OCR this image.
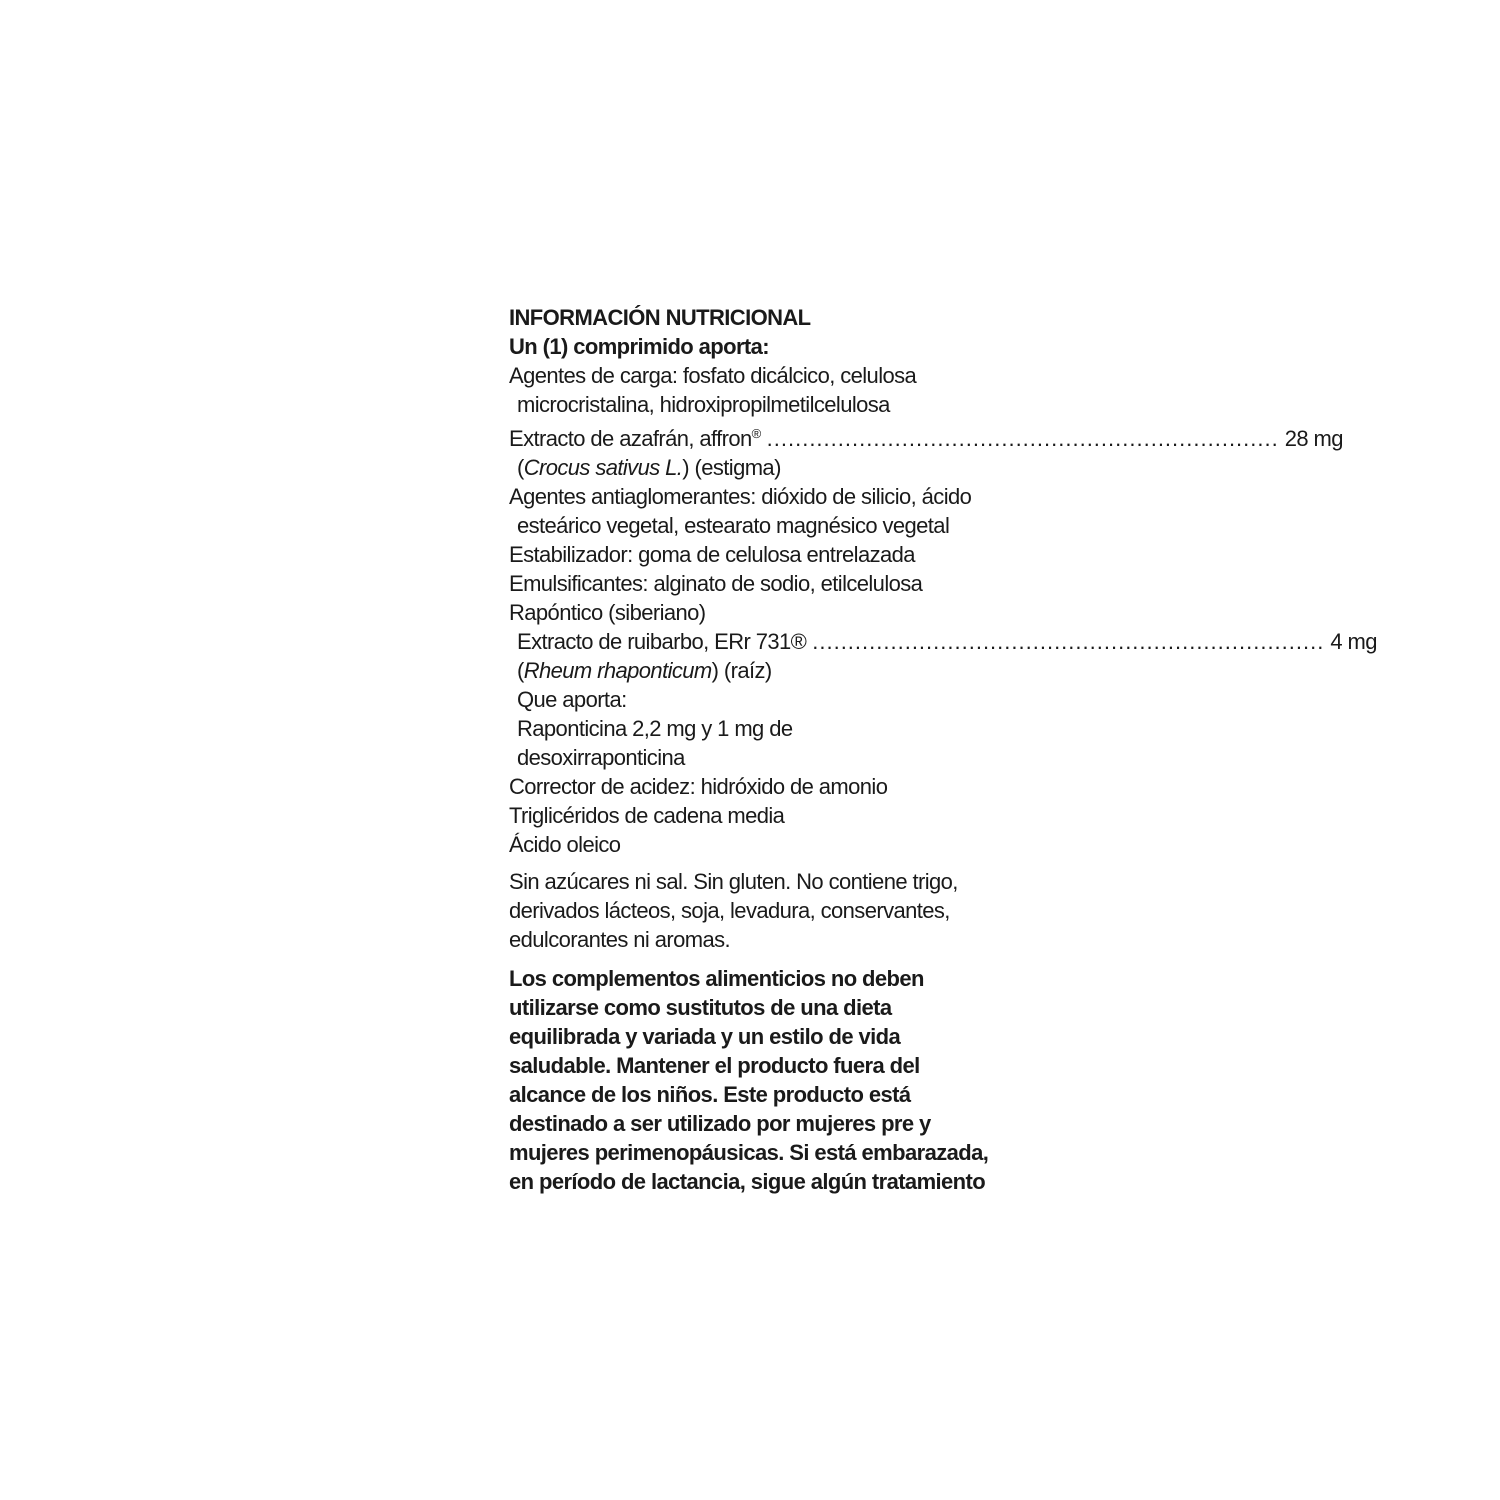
INFORMACIÓN NUTRICIONAL
Un (1) comprimido aporta:
Agentes de carga: fosfato dicálcico, celulosa
microcristalina, hidroxipropilmetilcelulosa
Extracto de azafrán, affron® ........................................................................ 28 mg
(Crocus sativus L.) (estigma)
Agentes antiaglomerantes: dióxido de silicio, ácido
esteárico vegetal, estearato magnésico vegetal
Estabilizador: goma de celulosa entrelazada
Emulsificantes: alginato de sodio, etilcelulosa
Rapóntico (siberiano)
Extracto de ruibarbo, ERr 731® ........................................................................ 4 mg
(Rheum rhaponticum) (raíz)
Que aporta:
Raponticina 2,2 mg y 1 mg de
desoxirraponticina
Corrector de acidez: hidróxido de amonio
Triglicéridos de cadena media
Ácido oleico
Sin azúcares ni sal. Sin gluten. No contiene trigo,
derivados lácteos, soja, levadura, conservantes,
edulcorantes ni aromas.
Los complementos alimenticios no deben
utilizarse como sustitutos de una dieta
equilibrada y variada y un estilo de vida
saludable. Mantener el producto fuera del
alcance de los niños. Este producto está
destinado a ser utilizado por mujeres pre y
mujeres perimenopáusicas. Si está embarazada,
en período de lactancia, sigue algún tratamiento
